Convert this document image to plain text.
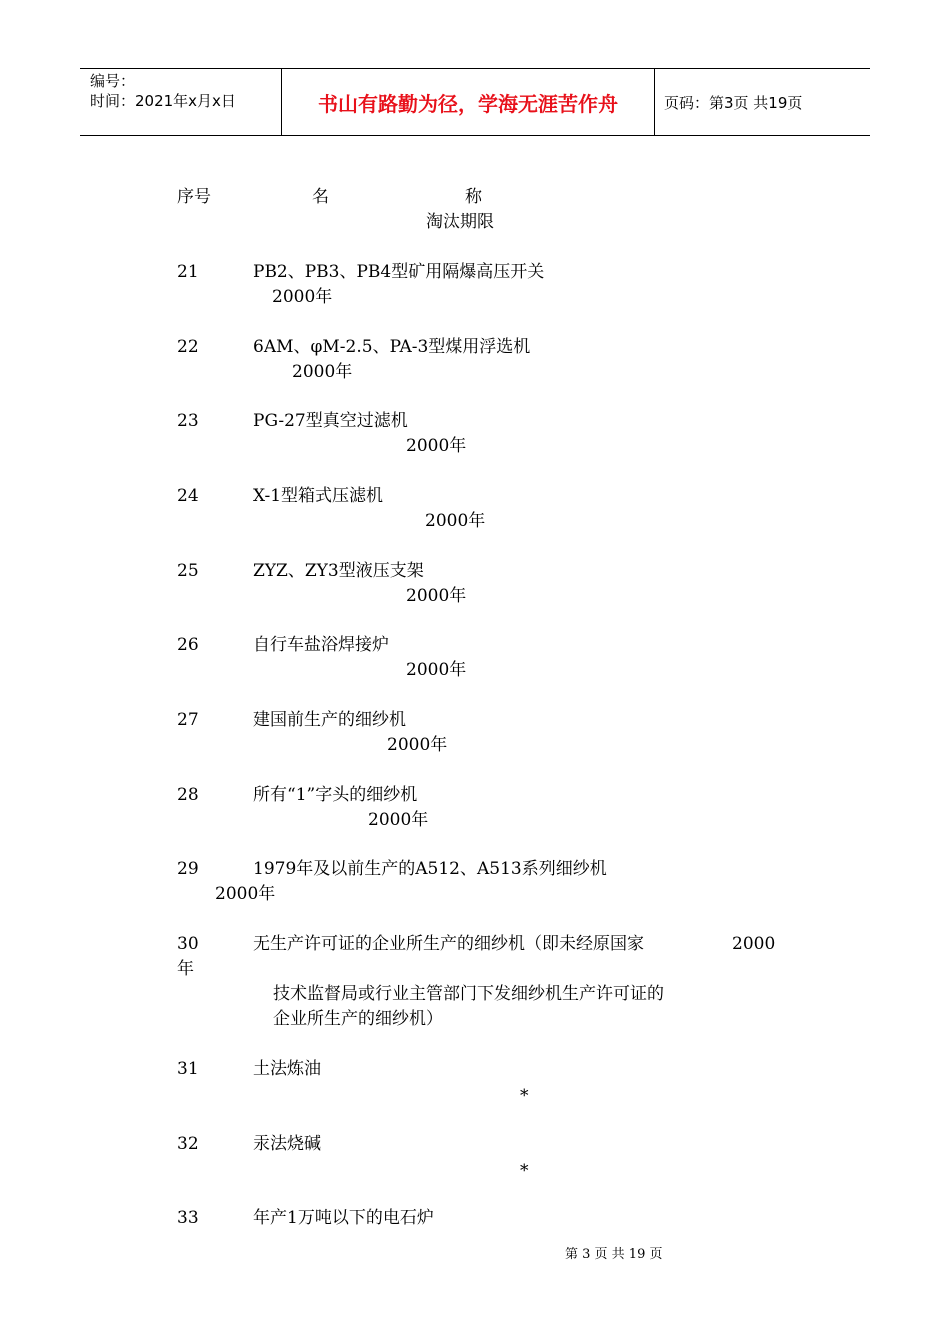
编号：
时间：2021年x月x日	书山有路勤为径，学海无涯苦作舟	页码：第3页 共19页
序号	名	称
淘汰期限
21	PB2、PB3、PB4型矿用隔爆高压开关
2000年
22	6AM、φM-2.5、PA-3型煤用浮选机
2000年
23	PG-27型真空过滤机
2000年
24	X-1型箱式压滤机
2000年
25	ZYZ、ZY3型液压支架
2000年
26	自行车盐浴焊接炉
2000年
27	建国前生产的细纱机
2000年
28	所有“1”字头的细纱机
2000年
29	1979年及以前生产的A512、A513系列细纱机
2000年
30	无生产许可证的企业所生产的细纱机（即未经原国家	2000
年
技术监督局或行业主管部门下发细纱机生产许可证的
企业所生产的细纱机）
31	土法炼油
*
32	汞法烧碱
*
33	年产1万吨以下的电石炉
第 3 页 共 19 页
